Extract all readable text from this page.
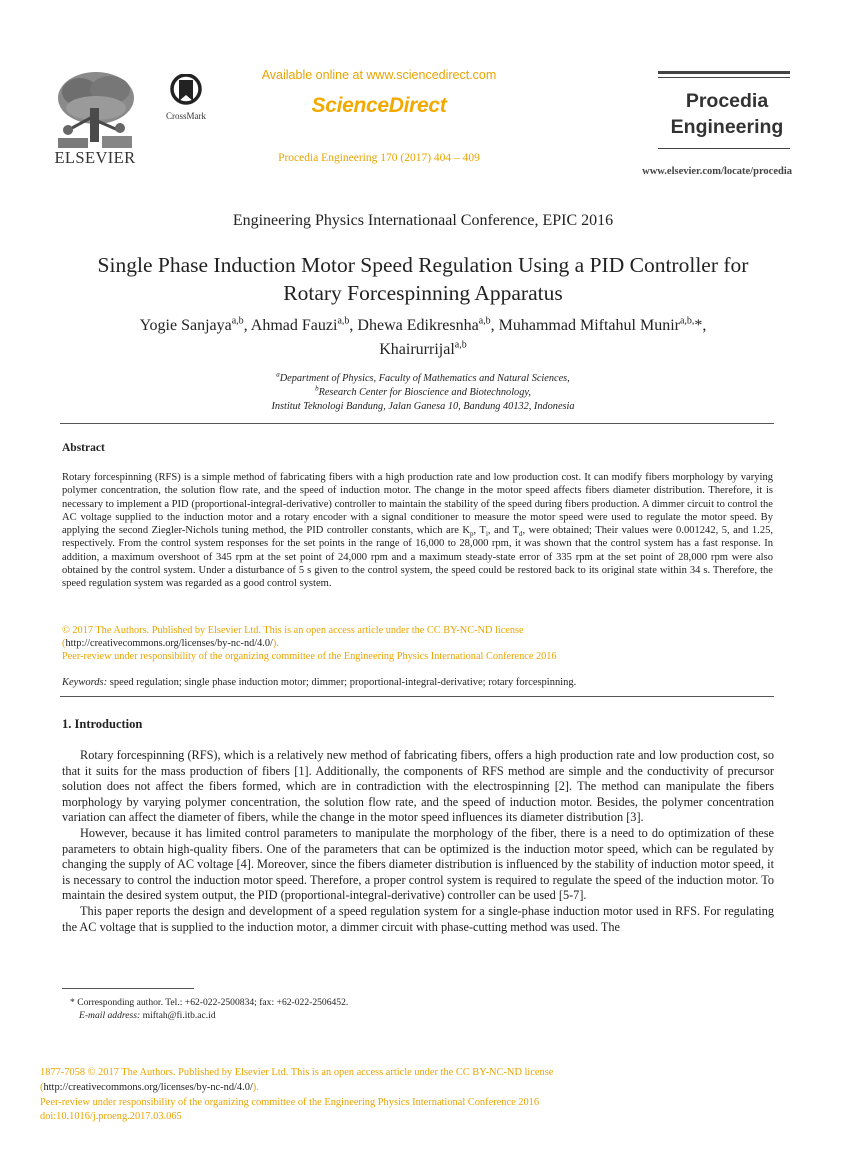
ELSEVIER
CrossMark
Available online at www.sciencedirect.com
ScienceDirect
Procedia Engineering 170 (2017) 404 – 409
Procedia
Engineering
www.elsevier.com/locate/procedia
Engineering Physics Internationaal Conference, EPIC 2016
Single Phase Induction Motor Speed Regulation Using a PID Controller for
Rotary Forcespinning Apparatus
Yogie Sanjaya$^{a,b}$, Ahmad Fauzi$^{a,b}$, Dhewa Edikresnha$^{a,b}$, Muhammad Miftahul Munir$^{a,b,}$*,
Khairurrijal$^{a,b}$
$^a$Department of Physics, Faculty of Mathematics and Natural Sciences,
$^b$Research Center for Bioscience and Biotechnology,
Institut Teknologi Bandung, Jalan Ganesa 10, Bandung 40132, Indonesia
Abstract
Rotary forcespinning (RFS) is a simple method of fabricating fibers with a high production rate and low production cost. It can modify fibers morphology by varying polymer concentration, the solution flow rate, and the speed of induction motor. The change in the motor speed affects fibers diameter distribution. Therefore, it is necessary to implement a PID (proportional-integral-derivative) controller to maintain the stability of the speed during fibers production. A dimmer circuit to control the AC voltage supplied to the induction motor and a rotary encoder with a signal conditioner to measure the motor speed were used to regulate the motor speed. By applying the second Ziegler-Nichols tuning method, the PID controller constants, which are $K_p$, $T_i$, and $T_d$, were obtained; Their values were 0.001242, 5, and 1.25, respectively. From the control system responses for the set points in the range of 16,000 to 28,000 rpm, it was shown that the control system has a fast response. In addition, a maximum overshoot of 345 rpm at the set point of 24,000 rpm and a maximum steady-state error of 335 rpm at the set point of 28,000 rpm were also obtained by the control system. Under a disturbance of 5 s given to the control system, the speed could be restored back to its original state within 34 s. Therefore, the speed regulation system was regarded as a good control system.
© 2017 The Authors. Published by Elsevier Ltd. This is an open access article under the CC BY-NC-ND license
(http://creativecommons.org/licenses/by-nc-nd/4.0/).
Peer-review under responsibility of the organizing committee of the Engineering Physics International Conference 2016
Keywords: speed regulation; single phase induction motor; dimmer; proportional-integral-derivative; rotary forcespinning.
1. Introduction

Rotary forcespinning (RFS), which is a relatively new method of fabricating fibers, offers a high production rate and low production cost, so that it suits for the mass production of fibers [1]. Additionally, the components of RFS method are simple and the conductivity of precursor solution does not affect the fibers formed, which are in contradiction with the electrospinning [2]. The method can manipulate the fibers morphology by varying polymer concentration, the solution flow rate, and the speed of induction motor. Besides, the polymer concentration variation can affect the diameter of fibers, while the change in the motor speed influences its diameter distribution [3].

However, because it has limited control parameters to manipulate the morphology of the fiber, there is a need to do optimization of these parameters to obtain high-quality fibers. One of the parameters that can be optimized is the induction motor speed, which can be regulated by changing the supply of AC voltage [4]. Moreover, since the fibers diameter distribution is influenced by the stability of induction motor speed, it is necessary to control the induction motor speed. Therefore, a proper control system is required to regulate the speed of the induction motor. To maintain the desired system output, the PID (proportional-integral-derivative) controller can be used [5-7].

This paper reports the design and development of a speed regulation system for a single-phase induction motor used in RFS. For regulating the AC voltage that is supplied to the induction motor, a dimmer circuit with phase-cutting method was used. The

* Corresponding author. Tel.: +62-022-2500834; fax: +62-022-2506452.
E-mail address: miftah@fi.itb.ac.id
1877-7058 © 2017 The Authors. Published by Elsevier Ltd. This is an open access article under the CC BY-NC-ND license
(http://creativecommons.org/licenses/by-nc-nd/4.0/).
Peer-review under responsibility of the organizing committee of the Engineering Physics International Conference 2016
doi:10.1016/j.proeng.2017.03.065
